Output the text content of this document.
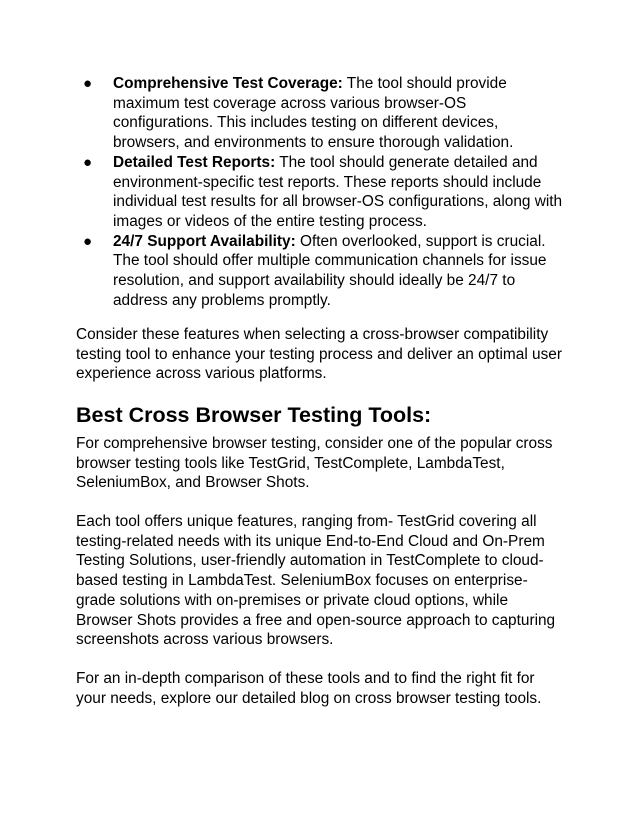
●	Comprehensive Test Coverage: The tool should provide maximum test coverage across various browser-OS configurations. This includes testing on different devices, browsers, and environments to ensure thorough validation.
●	Detailed Test Reports: The tool should generate detailed and environment-specific test reports. These reports should include individual test results for all browser-OS configurations, along with images or videos of the entire testing process.
●	24/7 Support Availability: Often overlooked, support is crucial. The tool should offer multiple communication channels for issue resolution, and support availability should ideally be 24/7 to address any problems promptly.

Consider these features when selecting a cross-browser compatibility testing tool to enhance your testing process and deliver an optimal user experience across various platforms.

Best Cross Browser Testing Tools:

For comprehensive browser testing, consider one of the popular cross browser testing tools like TestGrid, TestComplete, LambdaTest, SeleniumBox, and Browser Shots.

Each tool offers unique features, ranging from- TestGrid covering all testing-related needs with its unique End-to-End Cloud and On-Prem Testing Solutions, user-friendly automation in TestComplete to cloud-based testing in LambdaTest. SeleniumBox focuses on enterprise-grade solutions with on-premises or private cloud options, while Browser Shots provides a free and open-source approach to capturing screenshots across various browsers.

For an in-depth comparison of these tools and to find the right fit for your needs, explore our detailed blog on cross browser testing tools.
